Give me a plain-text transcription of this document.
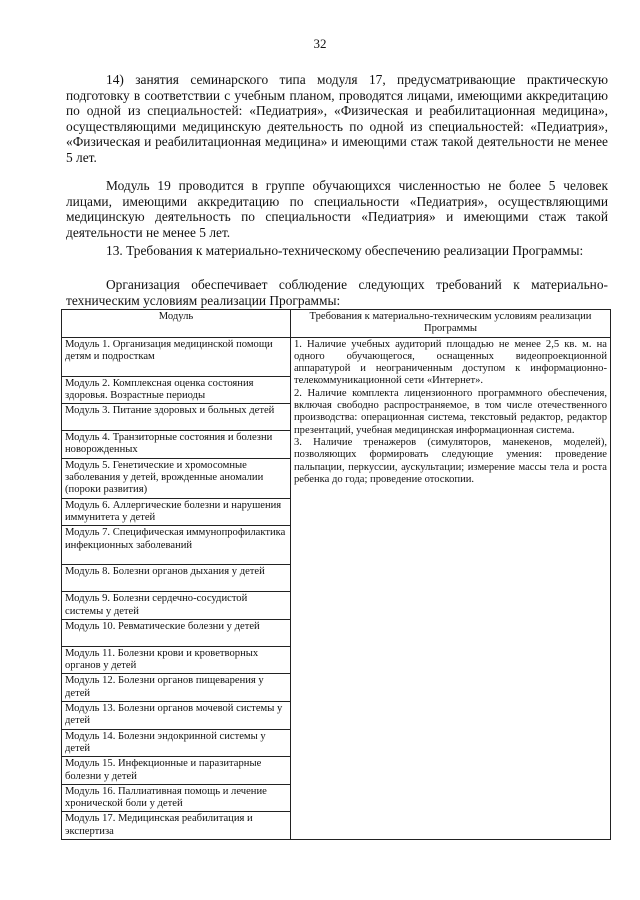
32

14) занятия семинарского типа модуля 17, предусматривающие практическую подготовку в соответствии с учебным планом, проводятся лицами, имеющими аккредитацию по одной из специальностей: «Педиатрия», «Физическая и реабилитационная медицина», осуществляющими медицинскую деятельность по одной из специальностей: «Педиатрия», «Физическая и реабилитационная медицина» и имеющими стаж такой деятельности не менее 5 лет.

Модуль 19 проводится в группе обучающихся численностью не более 5 человек лицами, имеющими аккредитацию по специальности «Педиатрия», осуществляющими медицинскую деятельность по специальности «Педиатрия» и имеющими стаж такой деятельности не менее 5 лет.

13. Требования к материально-техническому обеспечению реализации Программы:

Организация обеспечивает соблюдение следующих требований к материально-техническим условиям реализации Программы:

Модуль	Требования к материально-техническим условиям реализации Программы
Модуль 1. Организация медицинской помощи детям и подросткам	1. Наличие учебных аудиторий площадью не менее 2,5 кв. м. на одного обучающегося, оснащенных видеопроекционной аппаратурой и неограниченным доступом к информационно-телекоммуникационной сети «Интернет».

2. Наличие комплекта лицензионного программного обеспечения, включая свободно распространяемое, в том числе отечественного производства: операционная система, текстовый редактор, редактор презентаций, учебная медицинская информационная система.

3. Наличие тренажеров (симуляторов, манекенов, моделей), позволяющих формировать следующие умения: проведение пальпации, перкуссии, аускультации; измерение массы тела и роста ребенка до года; проведение отоскопии.

Модуль 2. Комплексная оценка состояния здоровья. Возрастные периоды	
Модуль 3. Питание здоровых и больных детей	
Модуль 4. Транзиторные состояния и болезни новорожденных	
Модуль 5. Генетические и хромосомные заболевания у детей, врожденные аномалии (пороки развития)	
Модуль 6. Аллергические болезни и нарушения иммунитета у детей	
Модуль 7. Специфическая иммунопрофилактика инфекционных заболеваний	
Модуль 8. Болезни органов дыхания у детей	
Модуль 9. Болезни сердечно-сосудистой системы у детей	
Модуль 10. Ревматические болезни у детей	
Модуль 11. Болезни крови и кроветворных органов у детей	
Модуль 12. Болезни органов пищеварения у детей	
Модуль 13. Болезни органов мочевой системы у детей	
Модуль 14. Болезни эндокринной системы у детей	
Модуль 15. Инфекционные и паразитарные болезни у детей	
Модуль 16. Паллиативная помощь и лечение хронической боли у детей	
Модуль 17. Медицинская реабилитация и экспертиза	
